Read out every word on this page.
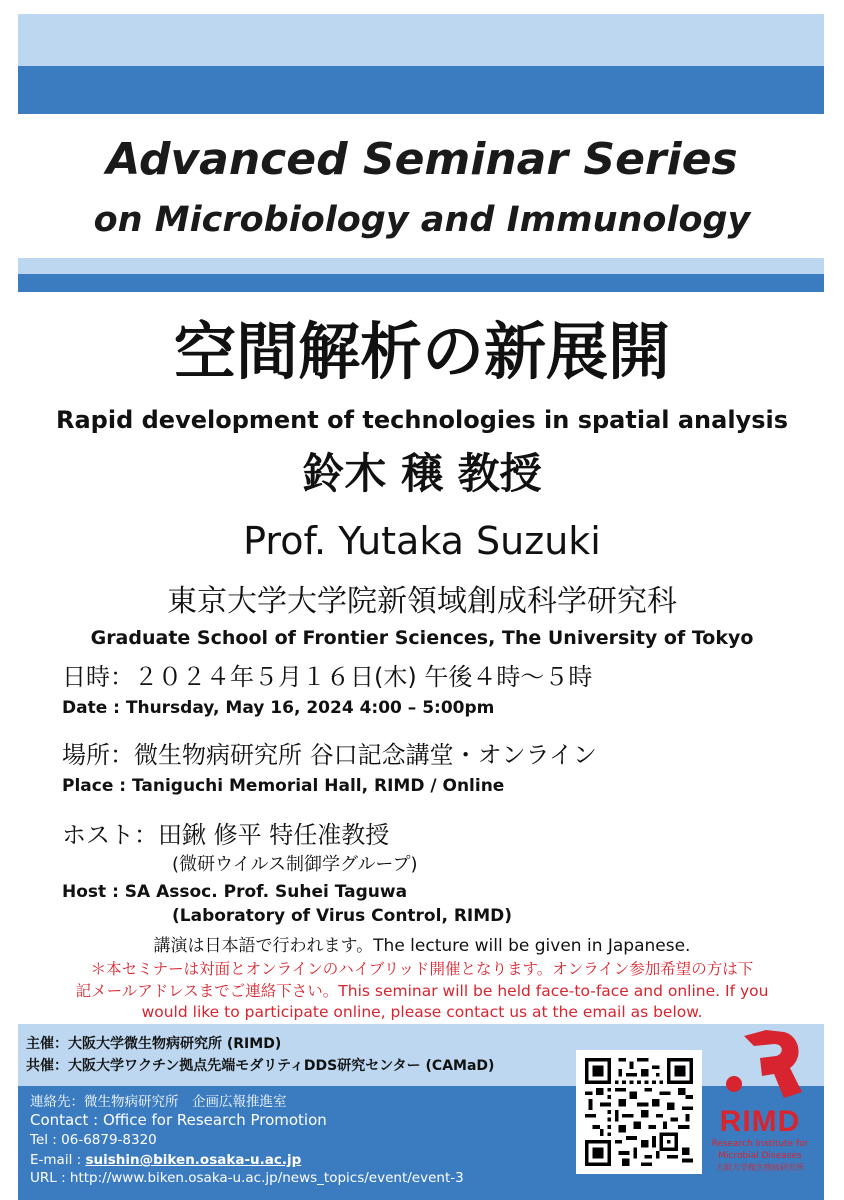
Advanced Seminar Series
on Microbiology and Immunology
空間解析の新展開
Rapid development of technologies in spatial analysis
鈴木 穣 教授
Prof. Yutaka Suzuki
東京大学大学院新領域創成科学研究科
Graduate School of Frontier Sciences, The University of Tokyo
日時：２０２４年５月１６日(木) 午後４時～５時
Date : Thursday, May 16, 2024 4:00 – 5:00pm
場所：微生物病研究所 谷口記念講堂・オンライン
Place : Taniguchi Memorial Hall, RIMD / Online
ホスト：田鍬 修平 特任准教授
(微研ウイルス制御学グループ)
Host : SA Assoc. Prof. Suhei Taguwa
(Laboratory of Virus Control, RIMD)
講演は日本語で行われます。The lecture will be given in Japanese.
＊本セミナーは対面とオンラインのハイブリッド開催となります。オンライン参加希望の方は下
記メールアドレスまでご連絡下さい。This seminar will be held face-to-face and online. If you
would like to participate online, please contact us at the email as below.
主催：大阪大学微生物病研究所 (RIMD)
共催：大阪大学ワクチン拠点先端モダリティDDS研究センター (CAMaD)
連絡先：微生物病研究所　企画広報推進室
Contact : Office for Research Promotion
Tel : 06-6879-8320
E-mail : suishin@biken.osaka-u.ac.jp
URL : http://www.biken.osaka-u.ac.jp/news_topics/event/event-3
RIMD
Research Institute for
Microbial Diseases
大阪大学微生物病研究所
